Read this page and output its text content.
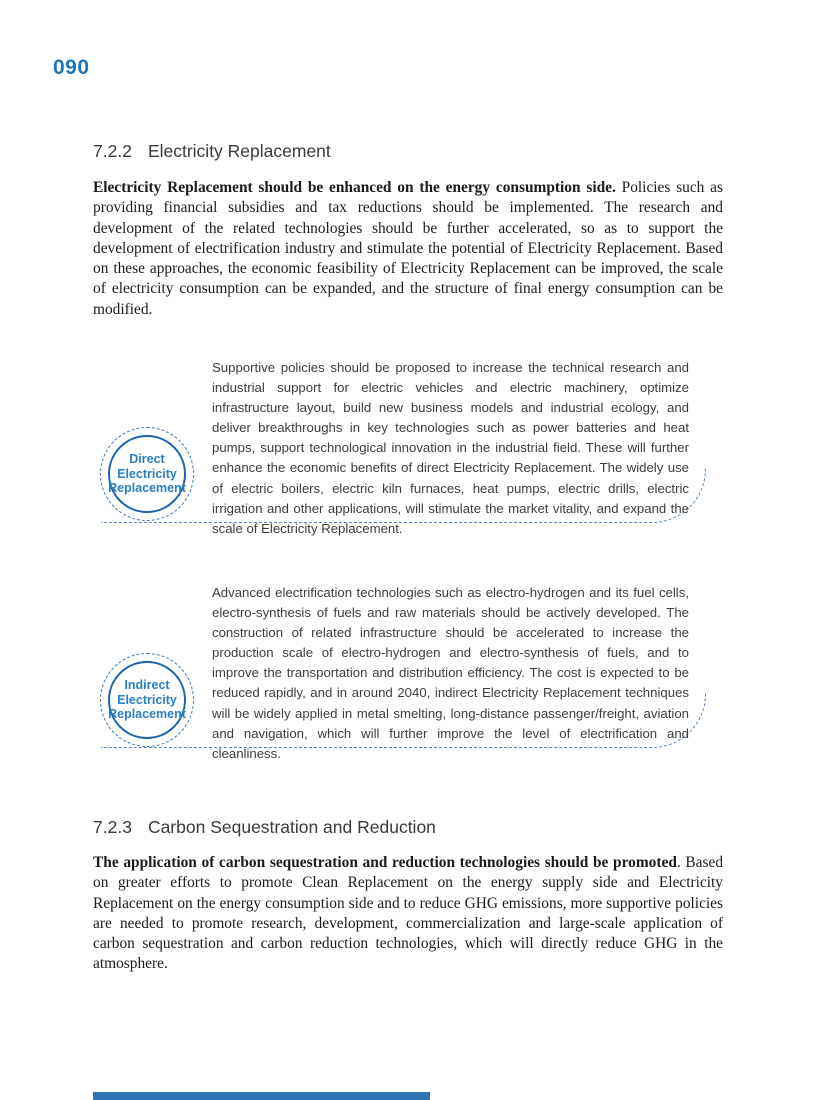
090
7.2.2 Electricity Replacement

Electricity Replacement should be enhanced on the energy consumption side. Policies such as providing financial subsidies and tax reductions should be implemented. The research and development of the related technologies should be further accelerated, so as to support the development of electrification industry and stimulate the potential of Electricity Replacement. Based on these approaches, the economic feasibility of Electricity Replacement can be improved, the scale of electricity consumption can be expanded, and the structure of final energy consumption can be modified.

Supportive policies should be proposed to increase the technical research and industrial support for electric vehicles and electric machinery, optimize infrastructure layout, build new business models and industrial ecology, and deliver breakthroughs in key technologies such as power batteries and heat pumps, support technological innovation in the industrial field. These will further enhance the economic benefits of direct Electricity Replacement. The widely use of electric boilers, electric kiln furnaces, heat pumps, electric drills, electric irrigation and other applications, will stimulate the market vitality, and expand the scale of Electricity Replacement.

Direct
Electricity
Replacement

Advanced electrification technologies such as electro-hydrogen and its fuel cells, electro-synthesis of fuels and raw materials should be actively developed. The construction of related infrastructure should be accelerated to increase the production scale of electro-hydrogen and electro-synthesis of fuels, and to improve the transportation and distribution efficiency. The cost is expected to be reduced rapidly, and in around 2040, indirect Electricity Replacement techniques will be widely applied in metal smelting, long-distance passenger/freight, aviation and navigation, which will further improve the level of electrification and cleanliness.

Indirect
Electricity
Replacement
7.2.3 Carbon Sequestration and Reduction

The application of carbon sequestration and reduction technologies should be promoted. Based on greater efforts to promote Clean Replacement on the energy supply side and Electricity Replacement on the energy consumption side and to reduce GHG emissions, more supportive policies are needed to promote research, development, commercialization and large-scale application of carbon sequestration and carbon reduction technologies, which will directly reduce GHG in the atmosphere.
